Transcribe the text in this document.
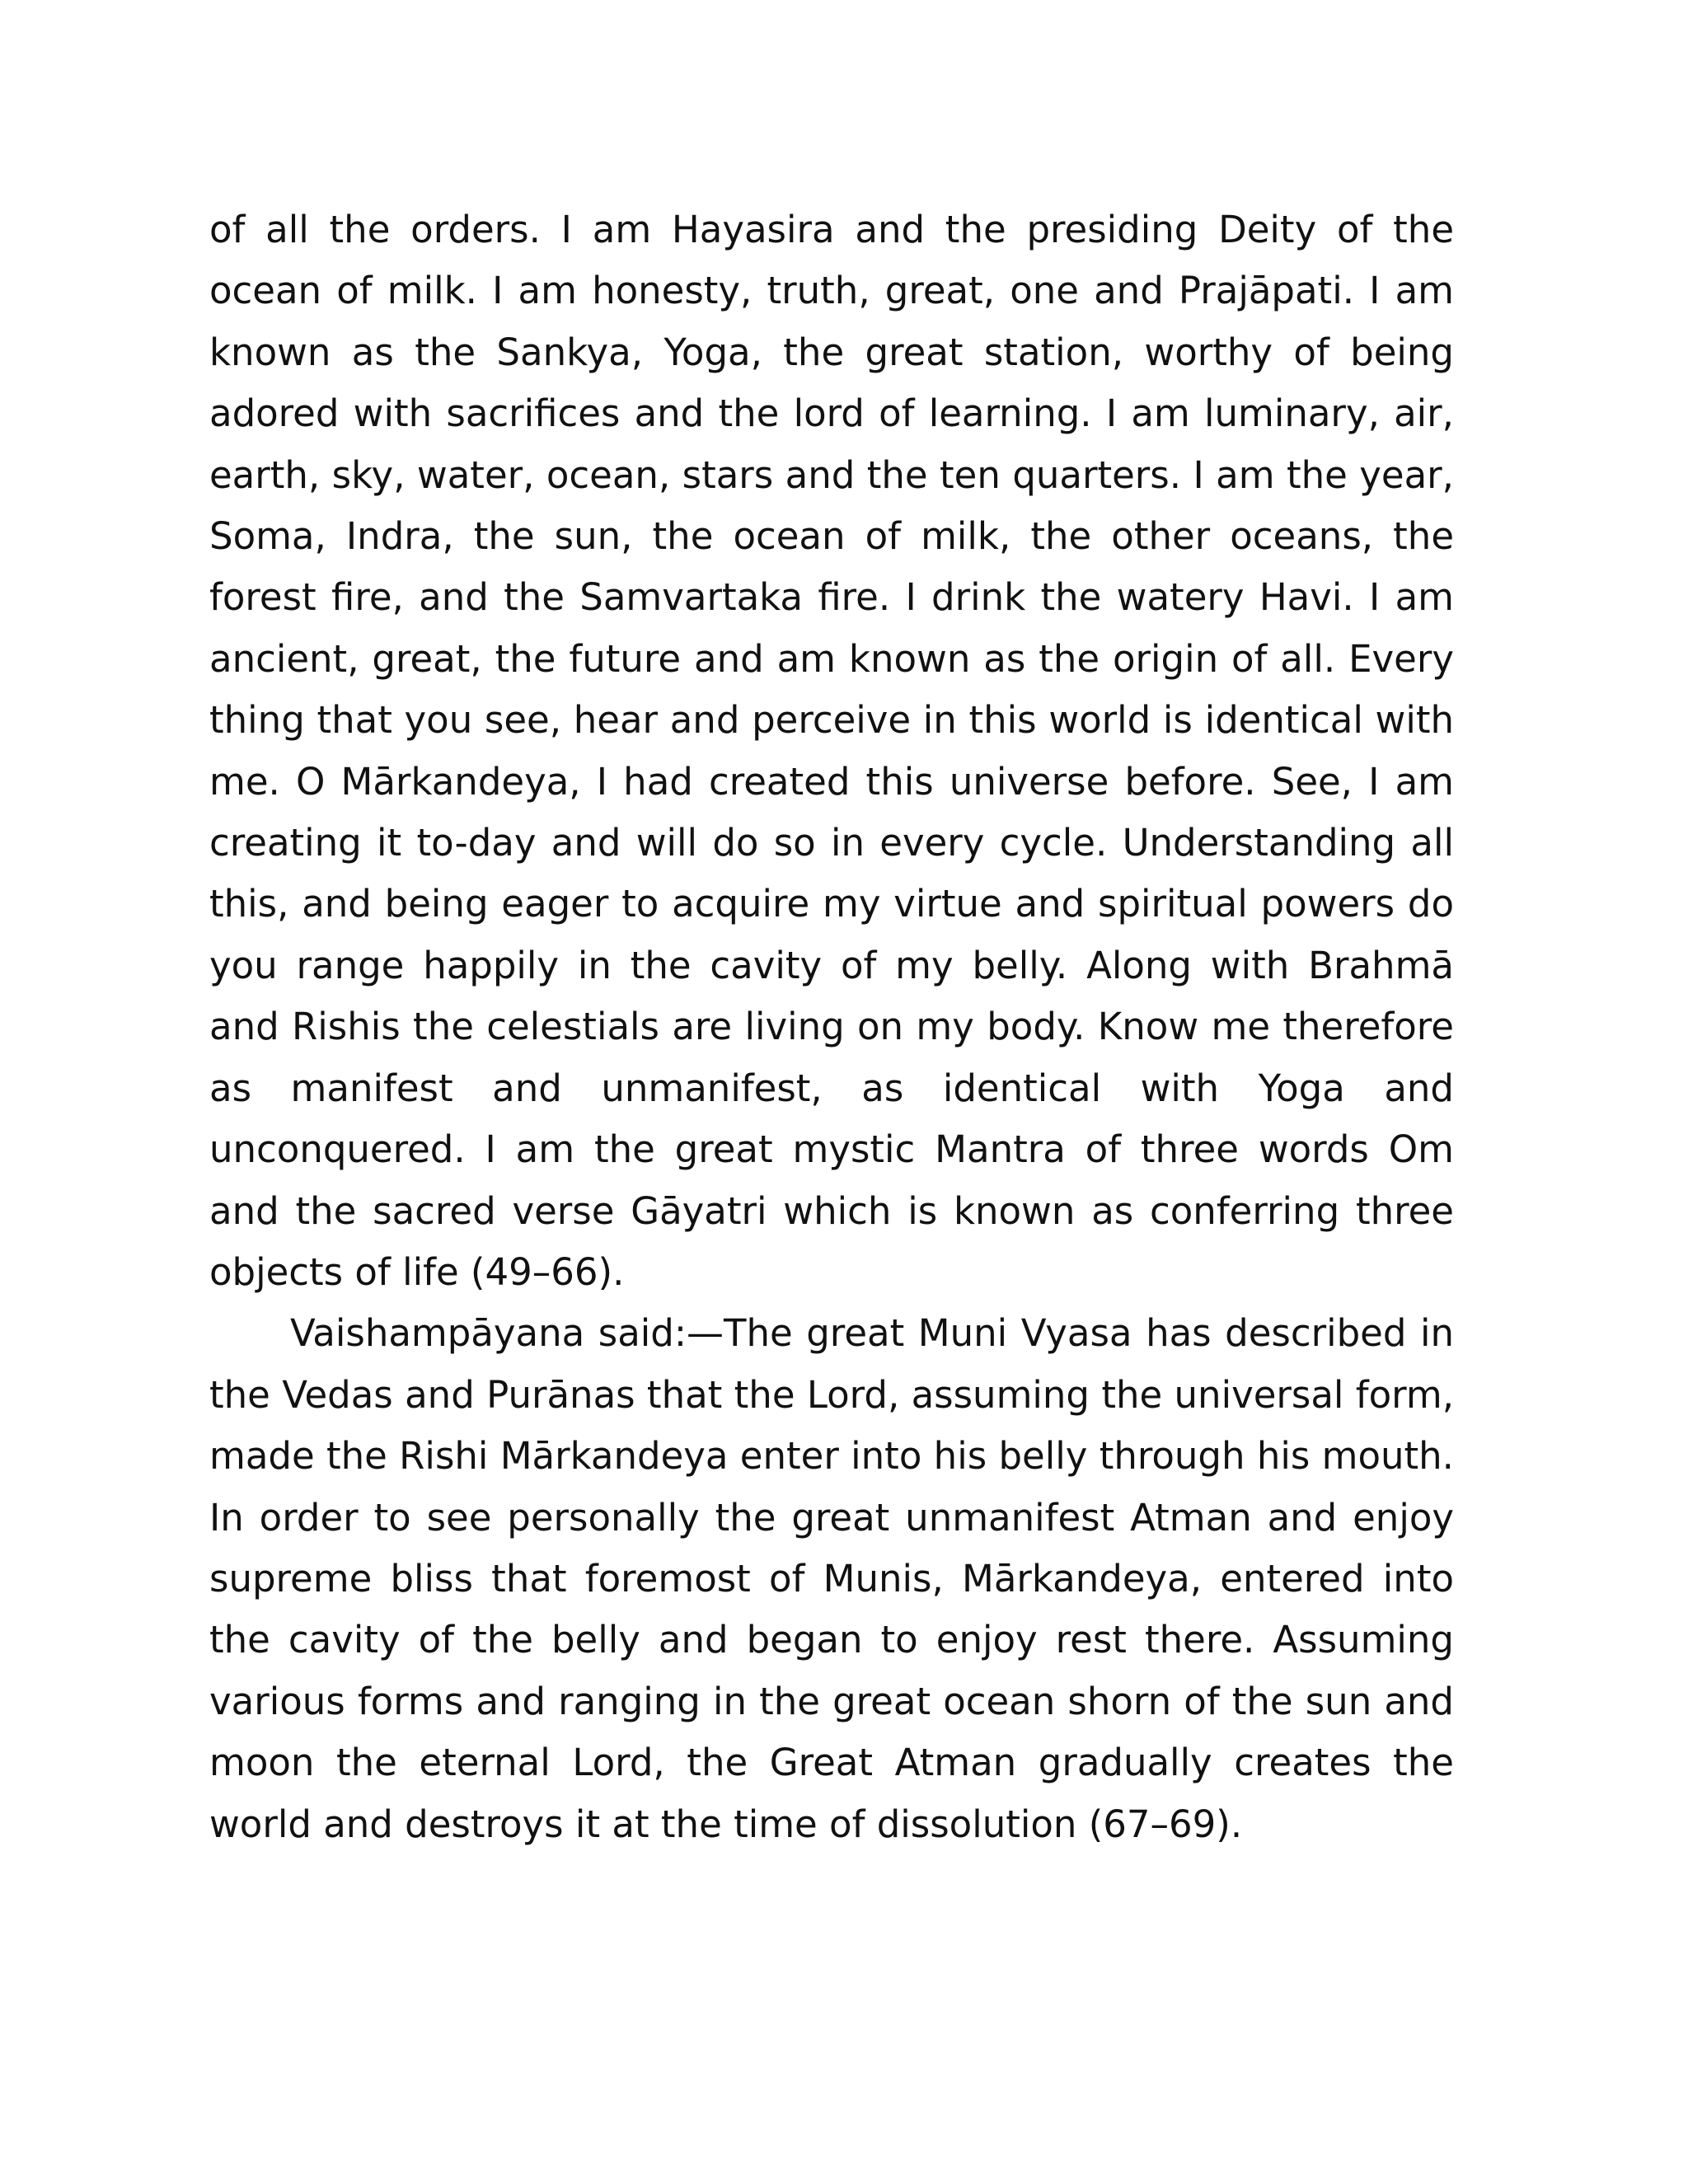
of all the orders. I am Hayasira and the presiding Deity of the ocean of milk. I am honesty, truth, great, one and Prajāpati. I am known as the Sankya, Yoga, the great station, worthy of being adored with sacrifices and the lord of learning. I am luminary, air, earth, sky, water, ocean, stars and the ten quarters. I am the year, Soma, Indra, the sun, the ocean of milk, the other oceans, the forest fire, and the Samvartaka fire. I drink the watery Havi. I am ancient, great, the future and am known as the origin of all. Every thing that you see, hear and perceive in this world is identical with me. O Mārkandeya, I had created this universe before. See, I am creating it to-day and will do so in every cycle. Understanding all this, and being eager to acquire my virtue and spiritual powers do you range happily in the cavity of my belly. Along with Brahmā and Rishis the celestials are living on my body. Know me therefore as manifest and unmanifest, as identical with Yoga and unconquered. I am the great mystic Mantra of three words Om and the sacred verse Gāyatri which is known as conferring three objects of life (49–66).

Vaishampāyana said:—The great Muni Vyasa has described in the Vedas and Purānas that the Lord, assuming the universal form, made the Rishi Mārkandeya enter into his belly through his mouth. In order to see personally the great unmanifest Atman and enjoy supreme bliss that foremost of Munis, Mārkandeya, entered into the cavity of the belly and began to enjoy rest there. Assuming various forms and ranging in the great ocean shorn of the sun and moon the eternal Lord, the Great Atman gradually creates the world and destroys it at the time of dissolution (67–69).
